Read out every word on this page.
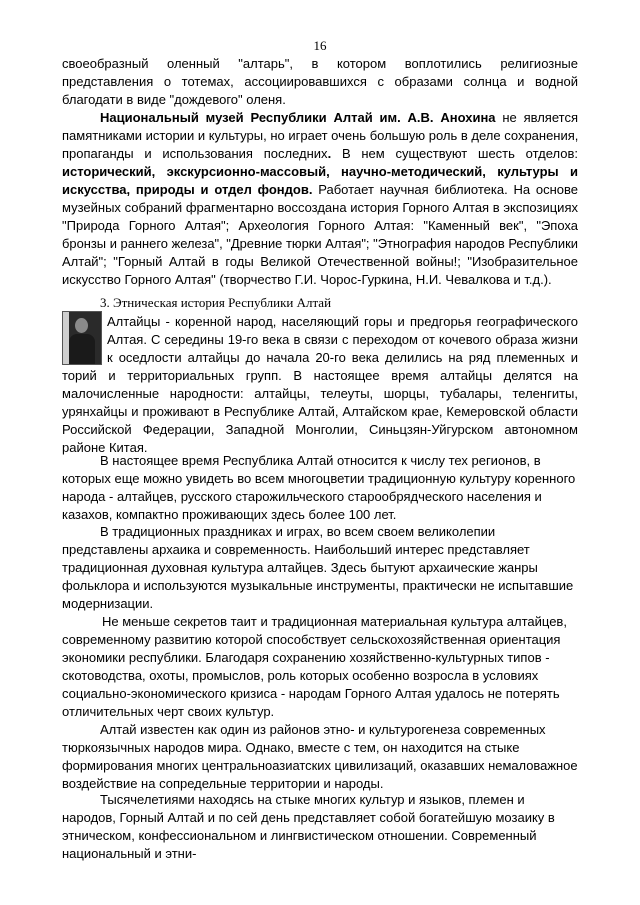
16
своеобразный оленный "алтарь", в котором воплотились религиозные
представления о тотемах, ассоциировавшихся с образами солнца и водной
благодати в виде "дождевого" оленя.
Национальный музей Республики Алтай им. А.В. Анохина не является
памятниками истории и культуры, но играет очень большую роль в деле сохранения,
пропаганды и использования последних. В нем существуют шесть отделов:
исторический, экскурсионно-массовый, научно-методический, культуры и
искусства, природы и отдел фондов. Работает научная библиотека. На основе
музейных собраний фрагментарно воссоздана история Горного Алтая в экспозициях
"Природа Горного Алтая"; Археология Горного Алтая: "Каменный век", "Эпоха
бронзы и раннего железа", "Древние тюрки Алтая"; "Этнография народов Республики
Алтай"; "Горный Алтай в годы Великой Отечественной войны!; "Изобразительное
искусство Горного Алтая" (творчество Г.И. Чорос-Гуркина, Н.И. Чевалкова и т.д.).
3. Этническая история Республики Алтай
Алтайцы - коренной народ, населяющий горы и предгорья географического
Алтая. С середины 19-го века в связи с переходом от кочевого образа жизни
к оседлости алтайцы до начала 20-го века делились на ряд племенных и
торий и территориальных групп. В настоящее время алтайцы делятся на
малочисленные народности: алтайцы, телеуты, шорцы, тубалары, теленгиты,
урянхайцы и проживают в Республике Алтай, Алтайском крае, Кемеровской области
Российской Федерации, Западной Монголии, Синьцзян-Уйгурском автономном
районе Китая.
В настоящее время Республика Алтай относится к числу тех регионов, в
которых еще можно увидеть во всем многоцветии традиционную культуру коренного
народа - алтайцев, русского старожильческого старообрядческого населения и
казахов, компактно проживающих здесь более 100 лет.
В традиционных праздниках и играх, во всем своем великолепии
представлены архаика и современность. Наибольший интерес представляет
традиционная духовная культура алтайцев. Здесь бытуют архаические жанры
фольклора и используются музыкальные инструменты, практически не испытавшие
модернизации.
Не меньше секретов таит и традиционная материальная культура алтайцев,
современному развитию которой способствует сельскохозяйственная ориентация
экономики республики. Благодаря сохранению хозяйственно-культурных типов -
скотоводства, охоты, промыслов, роль которых особенно возросла в условиях
социально-экономического кризиса - народам Горного Алтая удалось не потерять
отличительных черт своих культур.
Алтай известен как один из районов этно- и культурогенеза современных
тюркоязычных народов мира. Однако, вместе с тем, он находится на стыке
формирования многих центральноазиатских цивилизаций, оказавших немаловажное
воздействие на сопредельные территории и народы.
Тысячелетиями находясь на стыке многих культур и языков, племен и
народов, Горный Алтай и по сей день представляет собой богатейшую мозаику в
этническом, конфессиональном и лингвистическом отношении. Современный
национальный и этни-
